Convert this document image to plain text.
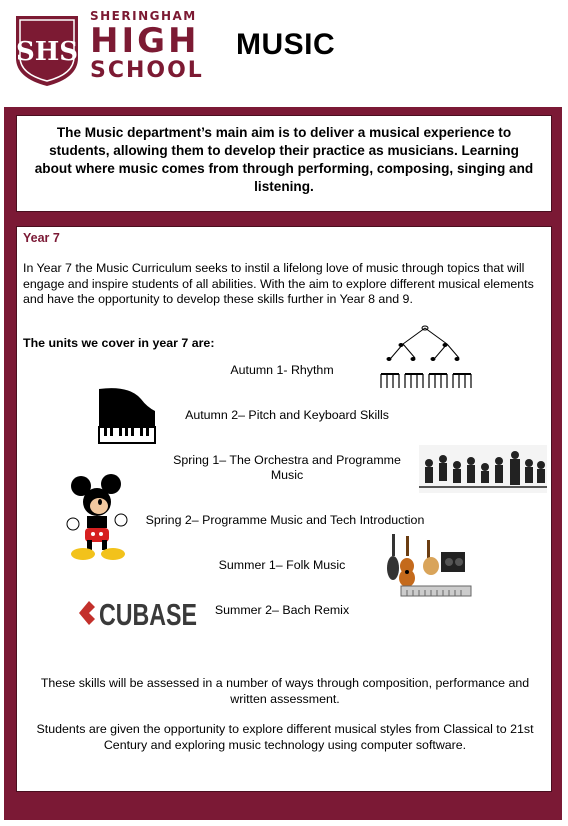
SHS
SHERINGHAM
HIGH
SCHOOL
MUSIC
The Music department’s main aim is to deliver a musical experience to students, allowing them to develop their practice as musicians. Learning about where music comes from through performing, composing, singing and listening.
Year 7
In Year 7 the Music Curriculum seeks to instil a lifelong love of music through topics that will engage and inspire students of all abilities. With the aim to explore different musical elements and have the opportunity to develop these skills further in Year 8 and 9.
The units we cover in year 7 are:
Autumn 1- Rhythm
Autumn 2– Pitch and Keyboard Skills
Spring 1– The Orchestra and Programme Music
Spring 2– Programme Music and Tech Introduction
Summer 1– Folk Music
Summer 2– Bach Remix
CUBASE
These skills will be assessed in a number of ways through composition, performance and written assessment.
Students are given the opportunity to explore different musical styles from Classical to 21st Century and exploring music technology using computer software.
